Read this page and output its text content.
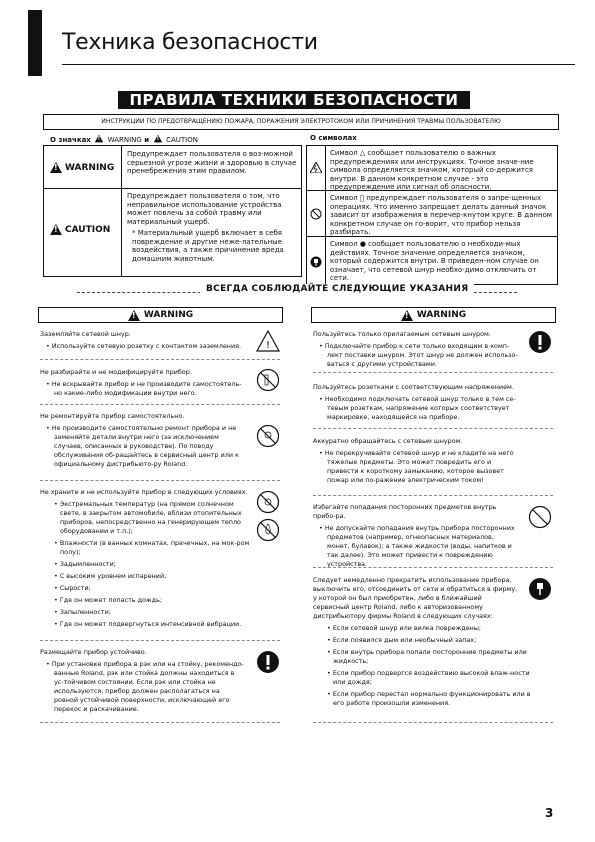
Техника безопасности
ПРАВИЛА ТЕХНИКИ БЕЗОПАСНОСТИ
ИНСТРУКЦИИ ПО ПРЕДОТВРАЩЕНИЮ ПОЖАРА, ПОРАЖЕНИЯ ЭЛЕКТРОТОКОМ ИЛИ ПРИЧИНЕНИЯ ТРАВМЫ ПОЛЬЗОВАТЕЛЮ
О значках ! WARNING и ! CAUTION	О символах
!
WARNING
Предупреждает пользователя о воз-можной серьезной угрозе жизни и здоровью в случае пренебрежения этим правилом.
!
CAUTION
Предупреждает пользователя о том, что неправильное использование устройства может повлечь за собой травму или материальный ущерб.
* Материальный ущерб включает в себя повреждение и другие неже-лательные воздействия, а также причинение вреда домашним животным.
Символ △ сообщает пользователю о важных предупреждениях или инструкциях. Точное значе-ние символа определяется значком, который со-держится внутри. В данном конкретном случае - это предупреждение или сигнал об опасности.
Символ ⃠ предупреждает пользователя о запре-щенных операциях. Что именно запрещает делать данный значок зависит от изображения в перечер-кнутом круге. В данном конкретном случае он го-ворит, что прибор нельзя разбирать.
Символ ● сообщает пользователю о необходи-мых действиях. Точное значение определяется значком, который содержится внутри. В привeден-ном случае он означает, что сетевой шнур необхо-димо отключить от сети.
ВСЕГДА СОБЛЮДАЙТЕ СЛЕДУЮЩИЕ УКАЗАНИЯ
!
WARNING !	WARNING
Заземляйте сетевой шнур.
• Используйте сетевую розетку с контактом заземления.	!
Не разбирайте и не модифицируйте прибор.
• Не вскрывайте прибор и не производите самостоятель-но какие-либо модификации внутри него.
Не ремонтируйте прибор самостоятельно.
• Не производите самостоятельно ремонт прибора и не заменяйте детали внутри него (за исключением случаев, описанных в руководстве). По поводу обслуживания об-ращайтесь в сервисный центр или к официальному дистрибьюто-ру Roland.
Не храните и не используйте прибор в следующих условиях.
• Экстремальных температур (на прямом солнечном свете, в закрытом автомобиле, вблизи отопительных приборов, непосредственно на генерирующем тепло оборудовании и т.п.);
• Влажности (в ванных комнатах, прачечных, на мок-ром полу);
• Задымленности;
• С высоким уровнем испарений;
• Сырости;
• Где он может попасть дождь;
• Запыленности;
• Где он может подвергнуться интенсивной вибрации.
Размещайте прибор устойчиво.
• При установке прибора в рэк или на стойку, рекомендо-ванные Roland, рэк или стойка должны находиться в ус-тойчивом состоянии. Если рэк или стойка не используются, прибор должен располагаться на ровной устойчивой поверхности, исключающей его перекос и раскачивание.
Пользуйтесь только прилагаемым сетевым шнуром.
• Подключайте прибор к сети только входящим в комп-лект поставки шнуром. Этот шнур не должен использо-ваться с другими устройствами.
Пользуйтесь розетками с соответствующим напряжением.
• Необходимо подключать сетевой шнур только в тем се-тевым розеткам, напряжение которых соответствует маркировке, находящейся на приборе.
Аккуратно обращайтесь с сетевым шнуром.
• Не перекручивайте сетевой шнур и не кладите на него тяжелые предметы. Это может повредить его и привести к короткому замыканию, которое вызовет пожар или по-ражение электрическим током!
Избегайте попадания посторонних предметов внутрь прибо-ра.
• Не допускайте попадания внутрь прибора посторонних предметов (например, огнеопасных материалов, монет, булавок); а также жидкости (воды, напитков и так далее). Это может привести к повреждению устройства.
Следует немедленно прекратить использование прибора, выключить его, отсоединить от сети и обратиться в фирму, у которой он был приобретен, либо в ближайший сервисный центр Roland, либо к авторизованному дистрибьютору фирмы Roland в следующих случаях:
• Если сетевой шнур или вилка повреждены;
• Если появился дым или необычный запах;
• Если внутрь прибора попали посторонние предметы или жидкость;
• Если прибор подвергся воздействию высокой влаж-ности или дождя;
• Если прибор перестал нормально функционировать или в его работе произошли изменения.
3
